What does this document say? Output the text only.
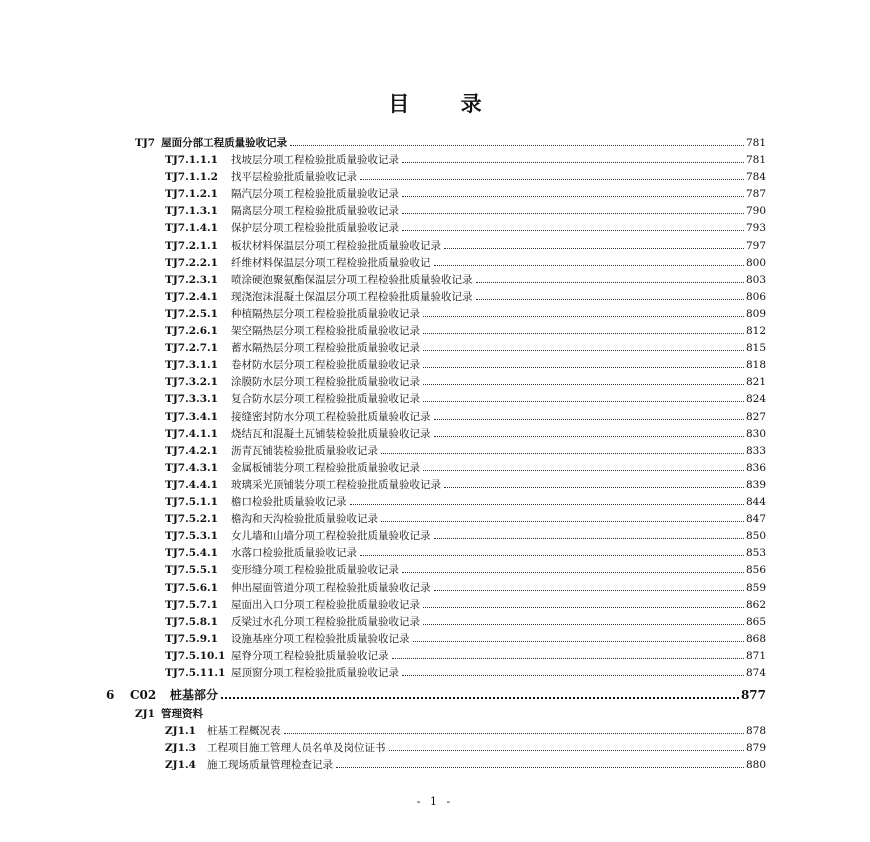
目 录
TJ7 屋面分部工程质量验收记录	781
TJ7.1.1.1	找坡层分项工程检验批质量验收记录	781
TJ7.1.1.2	找平层检验批质量验收记录	784
TJ7.1.2.1	隔汽层分项工程检验批质量验收记录	787
TJ7.1.3.1	隔离层分项工程检验批质量验收记录	790
TJ7.1.4.1	保护层分项工程检验批质量验收记录	793
TJ7.2.1.1	板状材料保温层分项工程检验批质量验收记录	797
TJ7.2.2.1	纤维材料保温层分项工程检验批质量验收记	800
TJ7.2.3.1	喷涂硬泡聚氨酯保温层分项工程检验批质量验收记录	803
TJ7.2.4.1	现浇泡沫混凝土保温层分项工程检验批质量验收记录	806
TJ7.2.5.1	种植隔热层分项工程检验批质量验收记录	809
TJ7.2.6.1	架空隔热层分项工程检验批质量验收记录	812
TJ7.2.7.1	蓄水隔热层分项工程检验批质量验收记录	815
TJ7.3.1.1	卷材防水层分项工程检验批质量验收记录	818
TJ7.3.2.1	涂膜防水层分项工程检验批质量验收记录	821
TJ7.3.3.1	复合防水层分项工程检验批质量验收记录	824
TJ7.3.4.1	接缝密封防水分项工程检验批质量验收记录	827
TJ7.4.1.1	烧结瓦和混凝土瓦铺装检验批质量验收记录	830
TJ7.4.2.1	沥青瓦铺装检验批质量验收记录	833
TJ7.4.3.1	金属板铺装分项工程检验批质量验收记录	836
TJ7.4.4.1	玻璃采光顶铺装分项工程检验批质量验收记录	839
TJ7.5.1.1	檐口检验批质量验收记录	844
TJ7.5.2.1	檐沟和天沟检验批质量验收记录	847
TJ7.5.3.1	女儿墙和山墙分项工程检验批质量验收记录	850
TJ7.5.4.1	水落口检验批质量验收记录	853
TJ7.5.5.1	变形缝分项工程检验批质量验收记录	856
TJ7.5.6.1	伸出屋面管道分项工程检验批质量验收记录	859
TJ7.5.7.1	屋面出入口分项工程检验批质量验收记录	862
TJ7.5.8.1	反梁过水孔分项工程检验批质量验收记录	865
TJ7.5.9.1	设施基座分项工程检验批质量验收记录	868
TJ7.5.10.1 屋脊分项工程检验批质量验收记录	871
TJ7.5.11.1 屋顶窗分项工程检验批质量验收记录	874
6	C02	桩基部分	877
ZJ1 管理资料
ZJ1.1	桩基工程概况表	878
ZJ1.3	工程项目施工管理人员名单及岗位证书	879
ZJ1.4	施工现场质量管理检查记录	880
- 1 -
